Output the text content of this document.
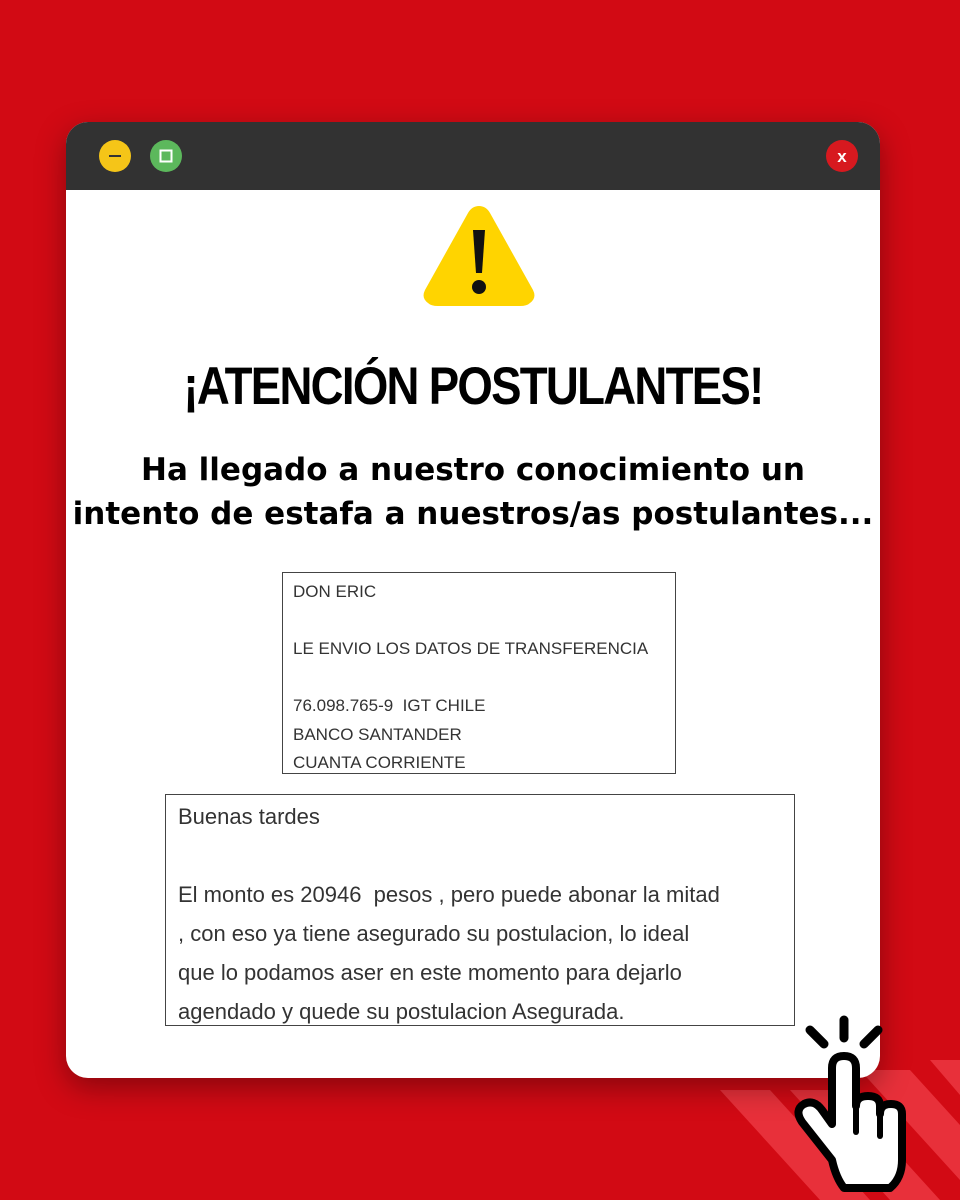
x
¡ATENCIÓN POSTULANTES!
Ha llegado a nuestro conocimiento un
intento de estafa a nuestros/as postulantes...
DON ERIC
LE ENVIO LOS DATOS DE TRANSFERENCIA
76.098.765-9  IGT CHILE
BANCO SANTANDER
CUANTA CORRIENTE
Buenas tardes
El monto es 20946  pesos , pero puede abonar la mitad
, con eso ya tiene asegurado su postulacion, lo ideal
que lo podamos aser en este momento para dejarlo
agendado y quede su postulacion Asegurada.
